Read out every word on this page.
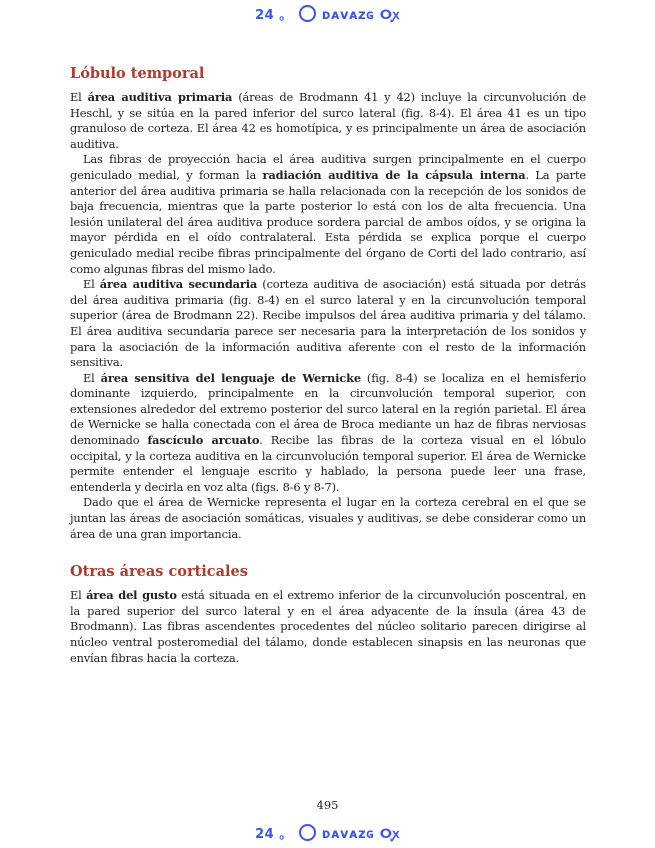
24 。 ᴅᴀᴠᴀᴢɢ ⵔꭙ
Lóbulo temporal

El área auditiva primaria (áreas de Brodmann 41 y 42) incluye la circunvolución de Heschl, y se sitúa en la pared inferior del surco lateral (fig. 8-4). El área 41 es un tipo granuloso de corteza. El área 42 es homotípica, y es principalmente un área de asociación auditiva.

Las fibras de proyección hacia el área auditiva surgen principalmente en el cuerpo geniculado medial, y forman la radiación auditiva de la cápsula interna. La parte anterior del área auditiva primaria se halla relacionada con la recepción de los sonidos de baja frecuencia, mientras que la parte posterior lo está con los de alta frecuencia. Una lesión unilateral del área auditiva produce sordera parcial de ambos oídos, y se origina la mayor pérdida en el oído contralateral. Esta pérdida se explica porque el cuerpo geniculado medial recibe fibras principalmente del órgano de Corti del lado contrario, así como algunas fibras del mismo lado.

El área auditiva secundaria (corteza auditiva de asociación) está situada por detrás del área auditiva primaria (fig. 8-4) en el surco lateral y en la circunvolución temporal superior (área de Brodmann 22). Recibe impulsos del área auditiva primaria y del tálamo. El área auditiva secundaria parece ser necesaria para la interpretación de los sonidos y para la asociación de la información auditiva aferente con el resto de la información sensitiva.

El área sensitiva del lenguaje de Wernicke (fig. 8-4) se localiza en el hemisferio dominante izquierdo, principalmente en la circunvolución temporal superior, con extensiones alrededor del extremo posterior del surco lateral en la región parietal. El área de Wernicke se halla conectada con el área de Broca mediante un haz de fibras nerviosas denominado fascículo arcuato. Recibe las fibras de la corteza visual en el lóbulo occipital, y la corteza auditiva en la circunvolución temporal superior. El área de Wernicke permite entender el lenguaje escrito y hablado, la persona puede leer una frase, entenderla y decirla en voz alta (figs. 8-6 y 8-7).

Dado que el área de Wernicke representa el lugar en la corteza cerebral en el que se juntan las áreas de asociación somáticas, visuales y auditivas, se debe considerar como un área de una gran importancia.

Otras áreas corticales

El área del gusto está situada en el extremo inferior de la circunvolución poscentral, en la pared superior del surco lateral y en el área adyacente de la ínsula (área 43 de Brodmann). Las fibras ascendentes procedentes del núcleo solitario parecen dirigirse al núcleo ventral posteromedial del tálamo, donde establecen sinapsis en las neuronas que envían fibras hacia la corteza.

495
24 。 ᴅᴀᴠᴀᴢɢ ⵔꭙ
